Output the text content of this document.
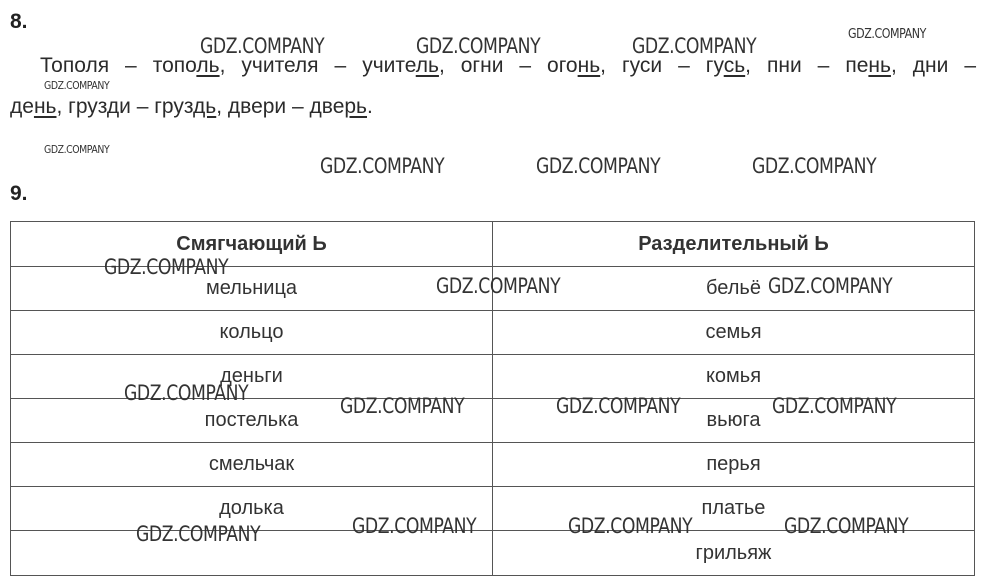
8.
Тополя – тополь, учителя – учитель, огни – огонь, гуси – гусь, пни – пень, дни –
день, грузди – груздь, двери – дверь.
9.
Смягчающий Ь	Разделительный Ь
мельница	бельё
кольцо	семья
деньги	комья
постелька	вьюга
смельчак	перья
долька	платье
	грильяж
GDZ.COMPANY	GDZ.COMPANY	GDZ.COMPANY	GDZ.COMPANY
GDZ.COMPANY
GDZ.COMPANY
GDZ.COMPANY	GDZ.COMPANY	GDZ.COMPANY
GDZ.COMPANY
GDZ.COMPANY	GDZ.COMPANY
GDZ.COMPANY
GDZ.COMPANY	GDZ.COMPANY	GDZ.COMPANY
GDZ.COMPANY	GDZ.COMPANY	GDZ.COMPANY	GDZ.COMPANY
